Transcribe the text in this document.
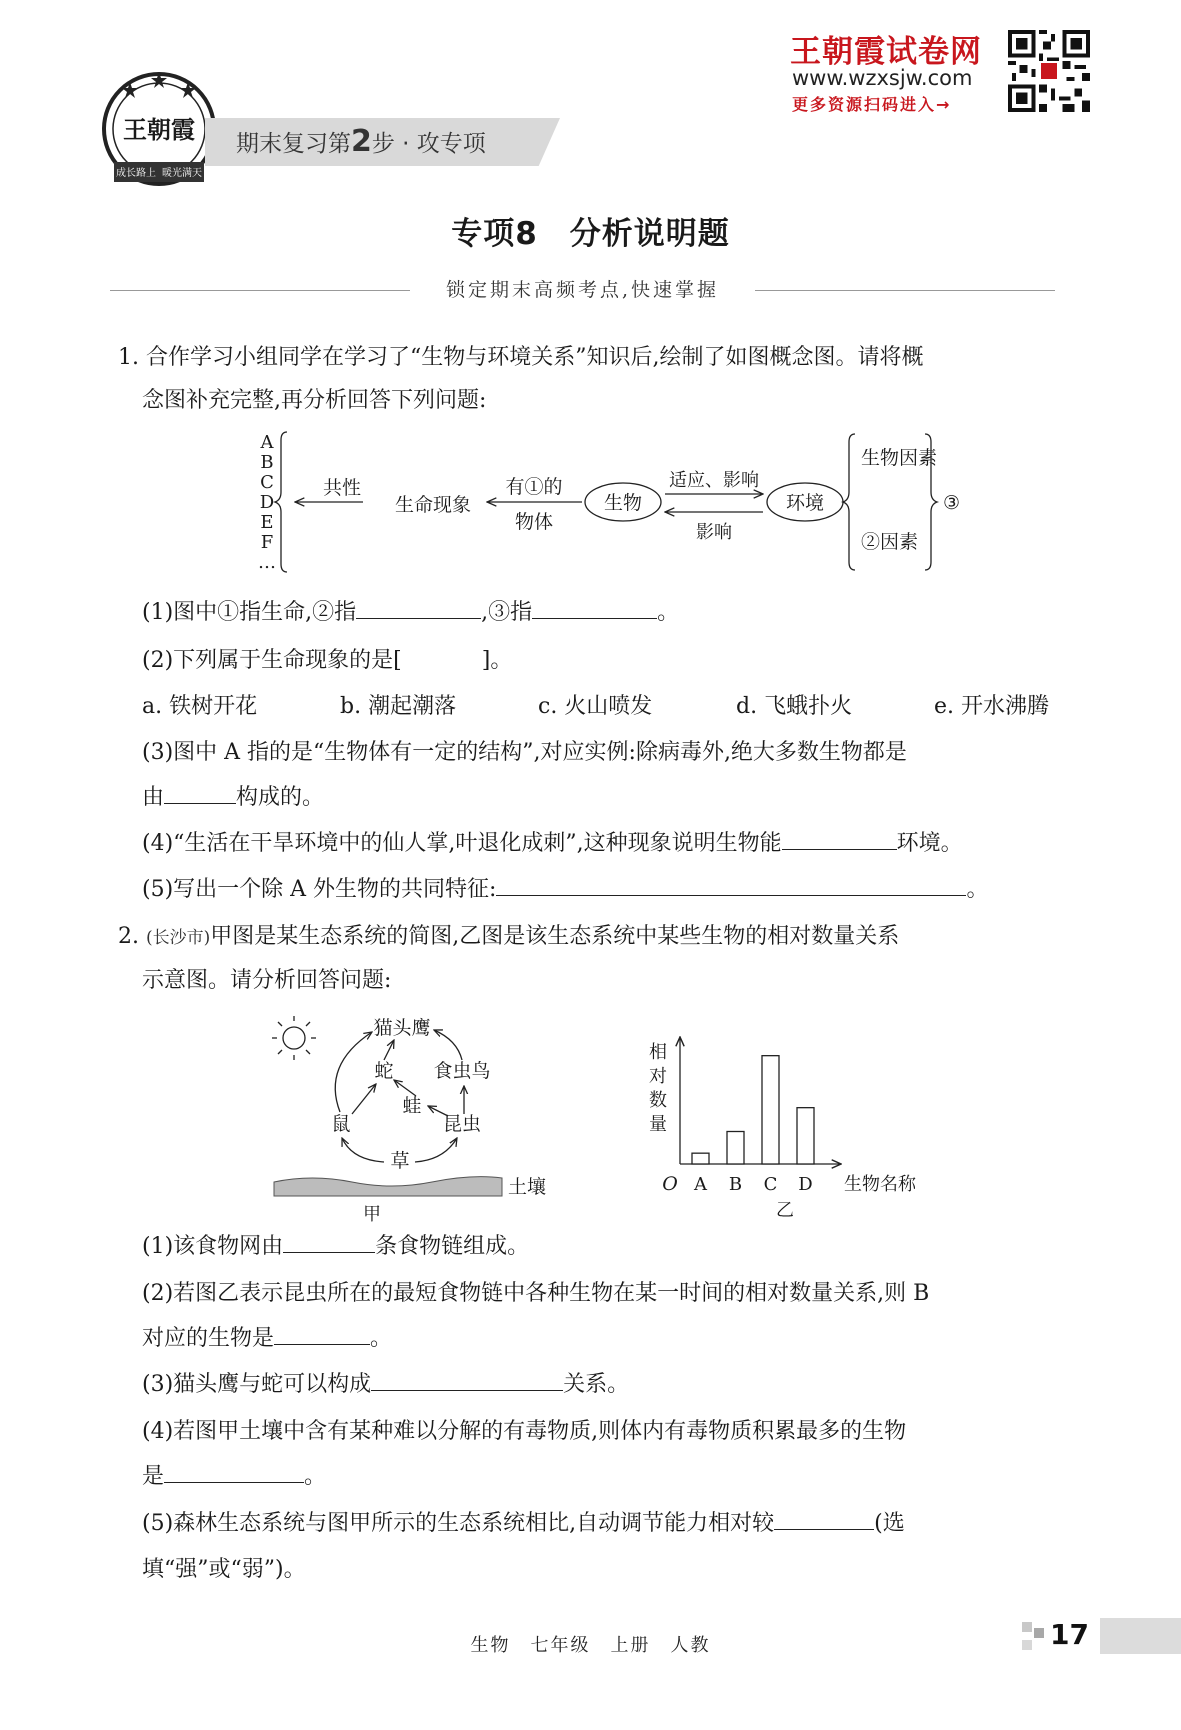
王朝霞
成长路上 暖光满天
期末复习第2步 · 攻专项
王朝霞试卷网
www.wzxsjw.com
更多资源扫码进入→
专项8　分析说明题
锁定期末高频考点,快速掌握
1. 合作学习小组同学在学习了“生物与环境关系”知识后,绘制了如图概念图。请将概
念图补充完整,再分析回答下列问题:
A
B
C
D
E
F
…
共性
生命现象
有①的
物体
生物
适应、影响
影响
环境
生物因素
②因素
③
(1)图中①指生命,②指	,③指	。
(2)下列属于生命现象的是[	]。
a. 铁树开花	b. 潮起潮落	c. 火山喷发	d. 飞蛾扑火	e. 开水沸腾
(3)图中 A 指的是“生物体有一定的结构”,对应实例:除病毒外,绝大多数生物都是
由	构成的。
(4)“生活在干旱环境中的仙人掌,叶退化成刺”,这种现象说明生物能	环境。
(5)写出一个除 A 外生物的共同特征:	。
2. (长沙市)甲图是某生态系统的简图,乙图是该生态系统中某些生物的相对数量关系
示意图。请分析回答问题:
猫头鹰
蛇 食虫鸟
蛙
鼠	昆虫
草
土壤
甲
相
对
数
量
A B C D
O	生物名称
乙
(1)该食物网由	条食物链组成。
(2)若图乙表示昆虫所在的最短食物链中各种生物在某一时间的相对数量关系,则 B
对应的生物是	。
(3)猫头鹰与蛇可以构成	关系。
(4)若图甲土壤中含有某种难以分解的有毒物质,则体内有毒物质积累最多的生物
是	。
(5)森林生态系统与图甲所示的生态系统相比,自动调节能力相对较	(选
填“强”或“弱”)。
生物　七年级　上册　人教	17
